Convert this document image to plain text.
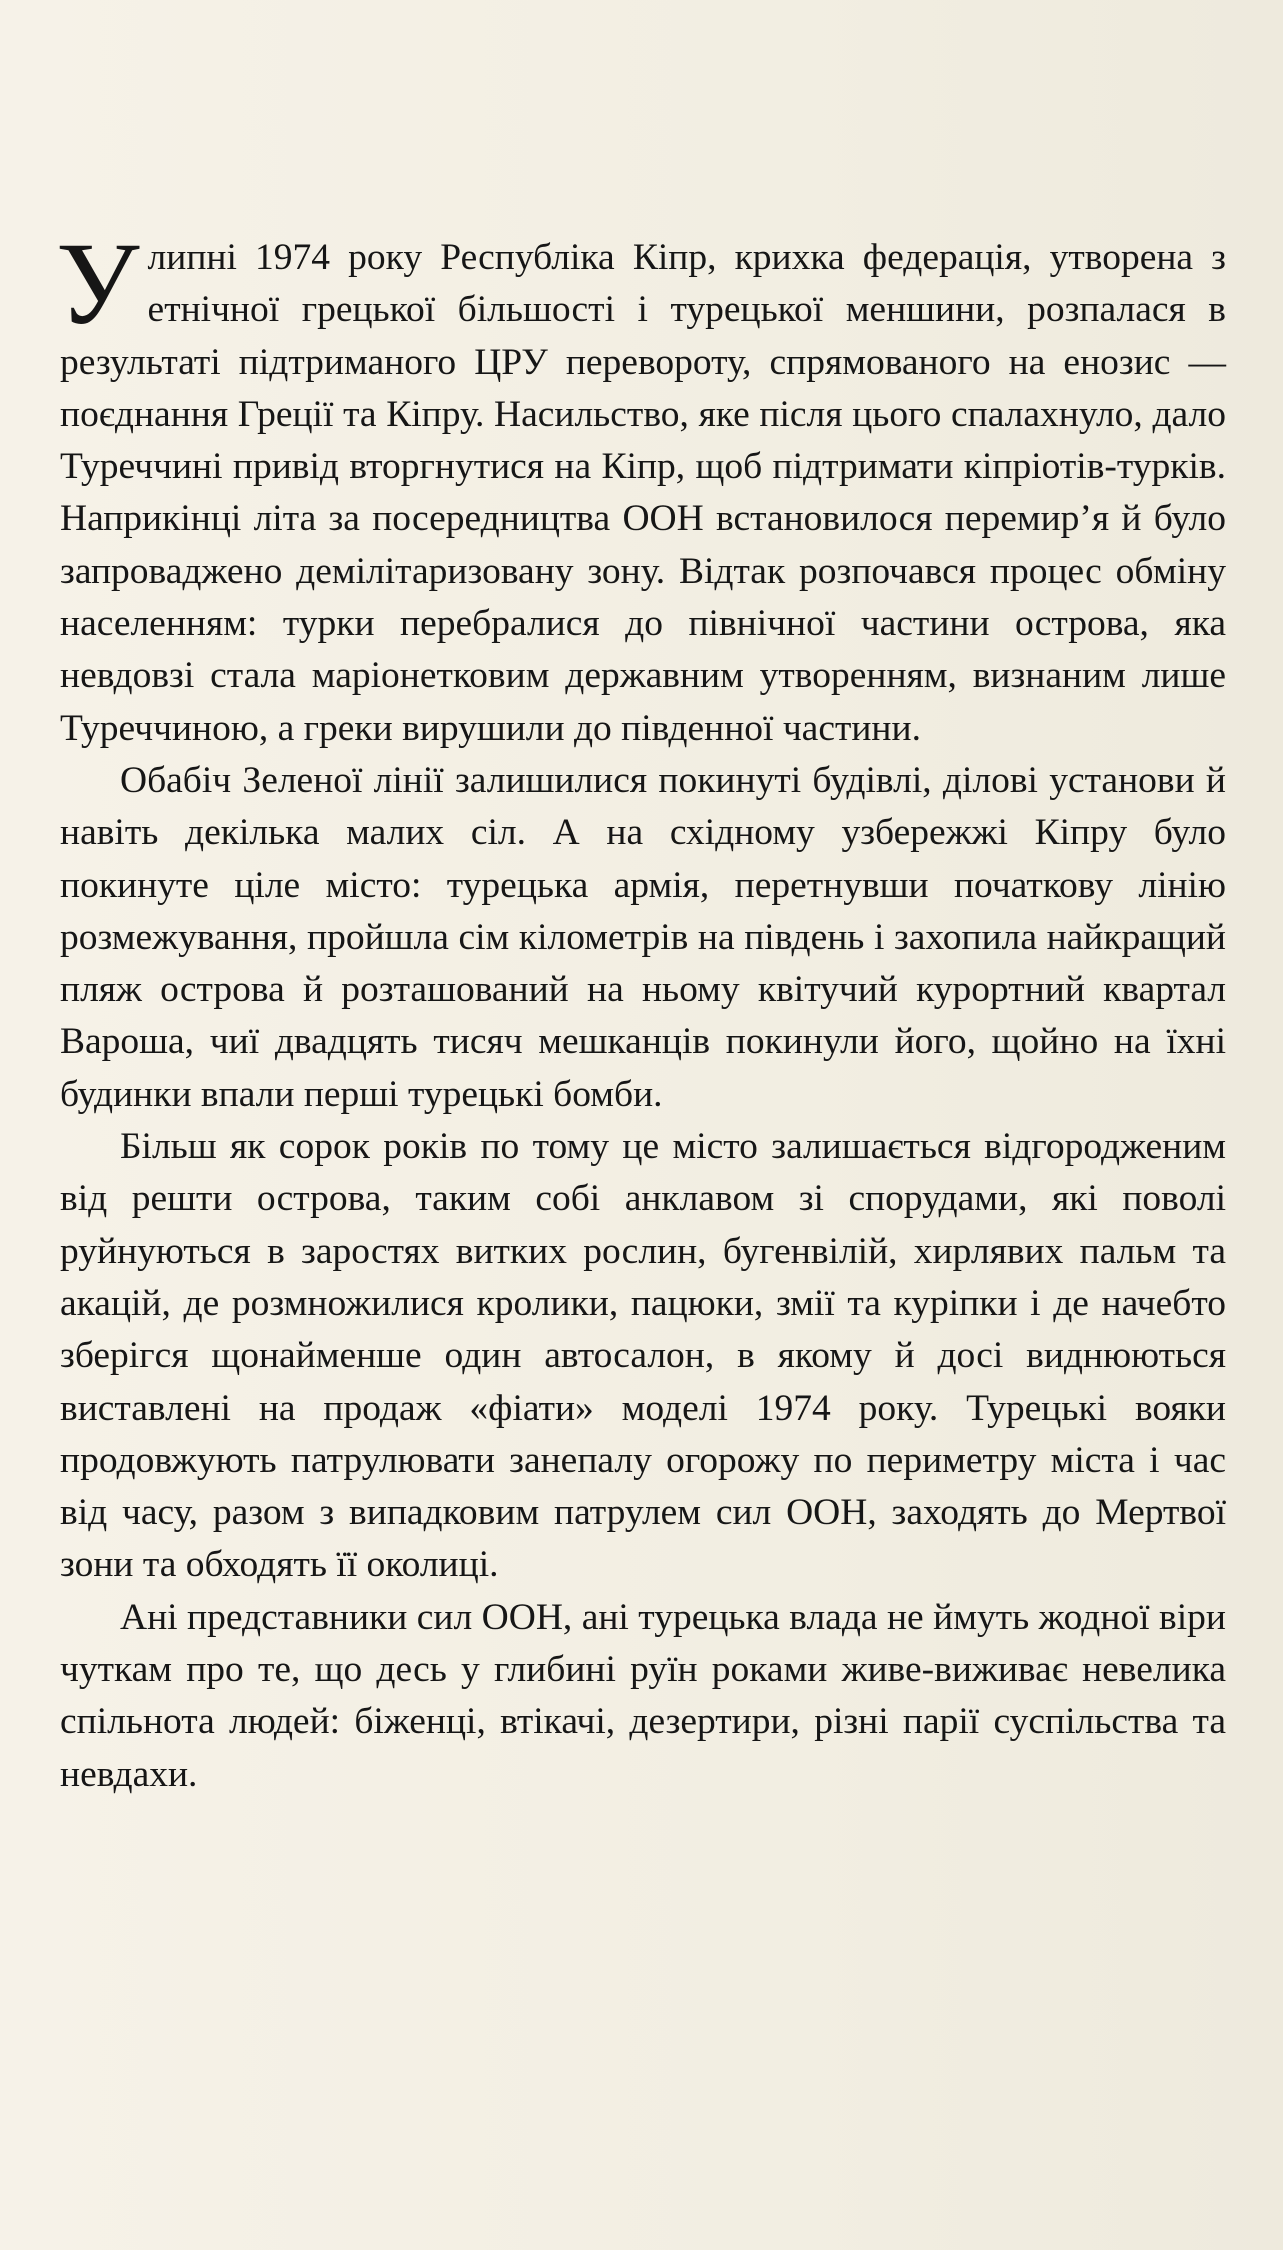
Улипні 1974 року Республіка Кіпр, крихка федерація, утворена з етнічної грецької більшості і турецької меншини, розпалася в результаті підтриманого ЦРУ перевороту, спрямованого на енозис — поєднання Греції та Кіпру. Насильство, яке після цього спалахнуло, дало Туреччині привід вторгнутися на Кіпр, щоб підтримати кіпріотів-турків. Наприкінці літа за посередництва ООН встановилося перемир’я й було запроваджено демілітаризовану зону. Відтак розпочався процес обміну населенням: турки перебралися до північної частини острова, яка невдовзі стала маріонетковим державним утворенням, визнаним лише Туреччиною, а греки вирушили до південної частини.

Обабіч Зеленої лінії залишилися покинуті будівлі, ділові установи й навіть декілька малих сіл. А на східному узбережжі Кіпру було покинуте ціле місто: турецька армія, перетнувши початкову лінію розмежування, пройшла сім кілометрів на південь і захопила найкращий пляж острова й розташований на ньому квітучий курортний квартал Вароша, чиї двадцять тисяч мешканців покинули його, щойно на їхні будинки впали перші турецькі бомби.

Більш як сорок років по тому це місто залишається відгородженим від решти острова, таким собі анклавом зі спорудами, які поволі руйнуються в заростях витких рослин, бугенвілій, хирлявих пальм та акацій, де розмножилися кролики, пацюки, змії та куріпки і де начебто зберігся щонайменше один автосалон, в якому й досі виднюються виставлені на продаж «фіати» моделі 1974 року. Турецькі вояки продовжують патрулювати занепалу огорожу по периметру міста і час від часу, разом з випадковим патрулем сил ООН, заходять до Мертвої зони та обходять її околиці.

Ані представники сил ООН, ані турецька влада не ймуть жодної віри чуткам про те, що десь у глибині руїн роками живе-виживає невелика спільнота людей: біженці, втікачі, дезертири, різні парії суспільства та невдахи.
